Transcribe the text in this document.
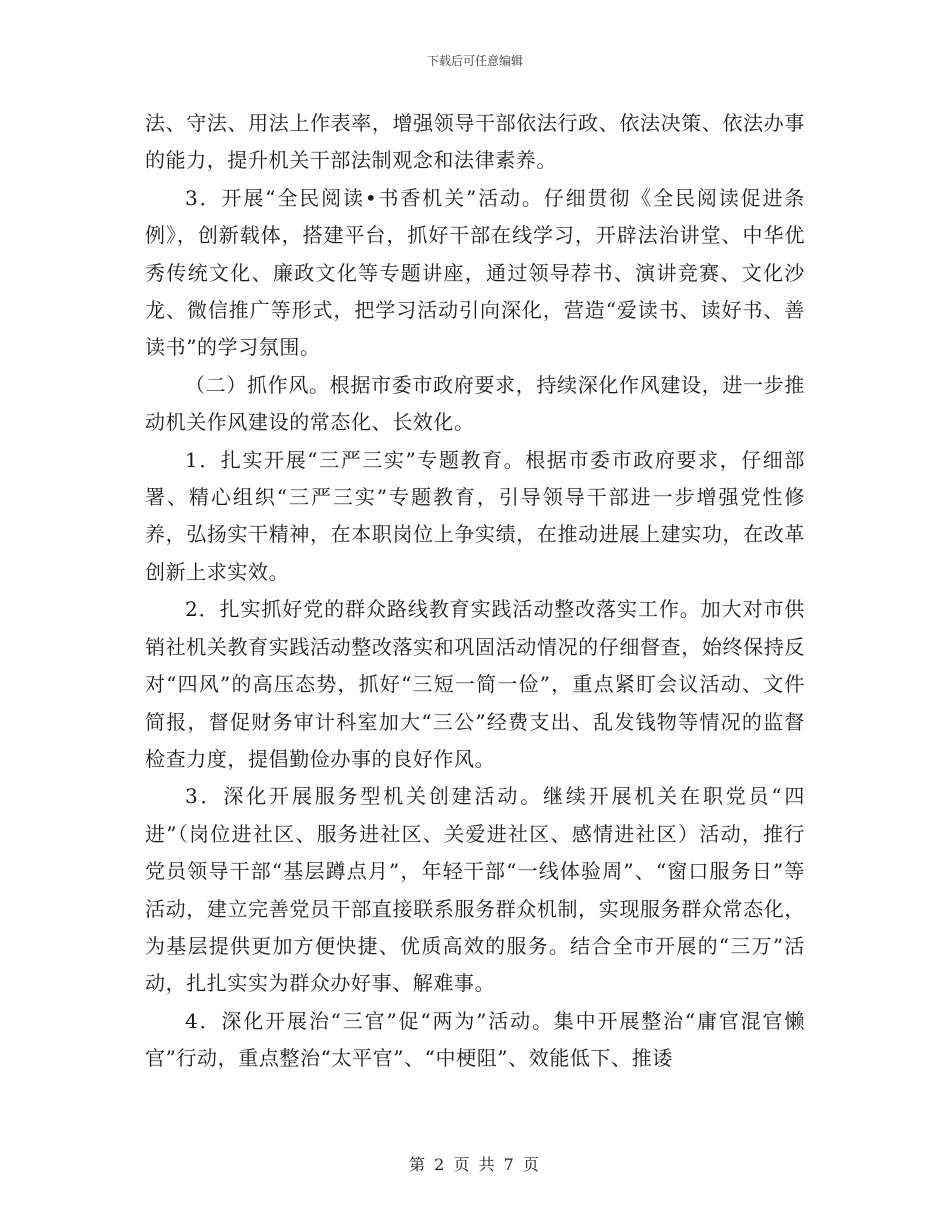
下载后可任意编辑

法、守法、用法上作表率，增强领导干部依法行政、依法决策、依法办事的能力，提升机关干部法制观念和法律素养。

3．开展“全民阅读•书香机关”活动。仔细贯彻《全民阅读促进条例》，创新载体，搭建平台，抓好干部在线学习，开辟法治讲堂、中华优秀传统文化、廉政文化等专题讲座，通过领导荐书、演讲竞赛、文化沙龙、微信推广等形式，把学习活动引向深化，营造“爱读书、读好书、善读书”的学习氛围。

（二）抓作风。根据市委市政府要求，持续深化作风建设，进一步推动机关作风建设的常态化、长效化。

1．扎实开展“三严三实”专题教育。根据市委市政府要求，仔细部署、精心组织“三严三实”专题教育，引导领导干部进一步增强党性修养，弘扬实干精神，在本职岗位上争实绩，在推动进展上建实功，在改革创新上求实效。

2．扎实抓好党的群众路线教育实践活动整改落实工作。加大对市供销社机关教育实践活动整改落实和巩固活动情况的仔细督查，始终保持反对“四风”的高压态势，抓好“三短一简一俭”，重点紧盯会议活动、文件简报，督促财务审计科室加大“三公”经费支出、乱发钱物等情况的监督检查力度，提倡勤俭办事的良好作风。

3．深化开展服务型机关创建活动。继续开展机关在职党员“四进”（岗位进社区、服务进社区、关爱进社区、感情进社区）活动，推行党员领导干部“基层蹲点月”，年轻干部“一线体验周”、“窗口服务日”等活动，建立完善党员干部直接联系服务群众机制，实现服务群众常态化，为基层提供更加方便快捷、优质高效的服务。结合全市开展的“三万”活动，扎扎实实为群众办好事、解难事。

4．深化开展治“三官”促“两为”活动。集中开展整治“庸官混官懒官”行动，重点整治“太平官”、“中梗阻”、效能低下、推诿

第 2 页 共 7 页
